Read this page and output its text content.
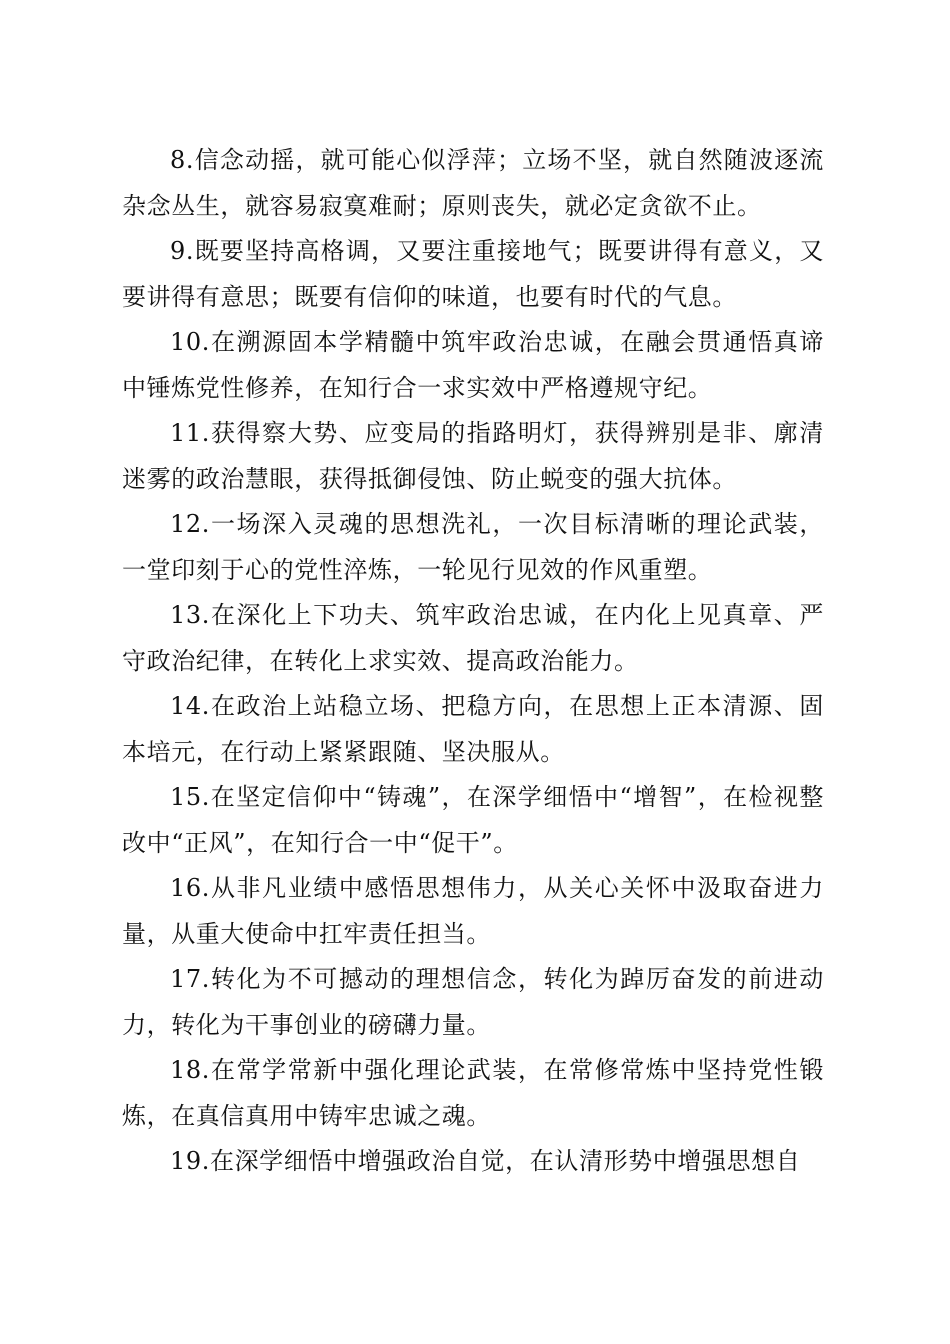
8.信念动摇，就可能心似浮萍；立场不坚，就自然随波逐流杂念丛生，就容易寂寞难耐；原则丧失，就必定贪欲不止。

9.既要坚持高格调，又要注重接地气；既要讲得有意义，又要讲得有意思；既要有信仰的味道，也要有时代的气息。

10.在溯源固本学精髓中筑牢政治忠诚，在融会贯通悟真谛中锤炼党性修养，在知行合一求实效中严格遵规守纪。

11.获得察大势、应变局的指路明灯，获得辨别是非、廓清迷雾的政治慧眼，获得抵御侵蚀、防止蜕变的强大抗体。

12.一场深入灵魂的思想洗礼，一次目标清晰的理论武装，一堂印刻于心的党性淬炼，一轮见行见效的作风重塑。

13.在深化上下功夫、筑牢政治忠诚，在内化上见真章、严守政治纪律，在转化上求实效、提高政治能力。

14.在政治上站稳立场、把稳方向，在思想上正本清源、固本培元，在行动上紧紧跟随、坚决服从。

15.在坚定信仰中“铸魂”，在深学细悟中“增智”，在检视整改中“正风”，在知行合一中“促干”。

16.从非凡业绩中感悟思想伟力，从关心关怀中汲取奋进力量，从重大使命中扛牢责任担当。

17.转化为不可撼动的理想信念，转化为踔厉奋发的前进动力，转化为干事创业的磅礴力量。

18.在常学常新中强化理论武装，在常修常炼中坚持党性锻炼，在真信真用中铸牢忠诚之魂。

19.在深学细悟中增强政治自觉，在认清形势中增强思想自
